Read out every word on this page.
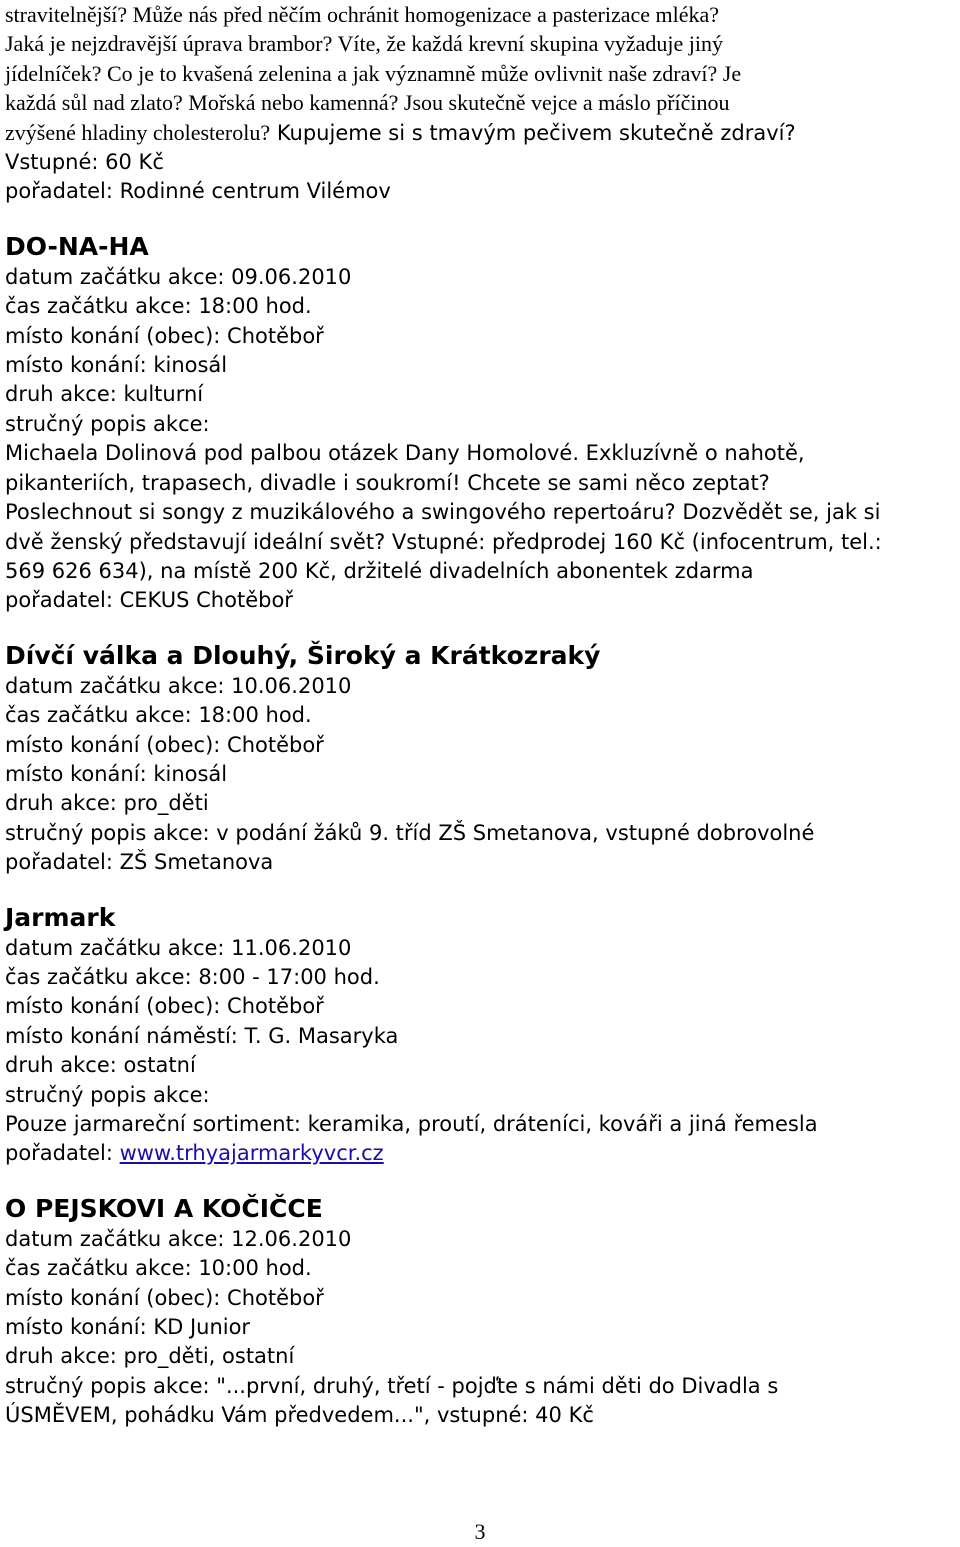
stravitelnější? Může nás před něčím ochránit homogenizace a pasterizace mléka?

Jaká je nejzdravější úprava brambor? Víte, že každá krevní skupina vyžaduje jiný

jídelníček? Co je to kvašená zelenina a jak významně může ovlivnit naše zdraví? Je

každá sůl nad zlato? Mořská nebo kamenná? Jsou skutečně vejce a máslo příčinou

zvýšené hladiny cholesterolu? Kupujeme si s tmavým pečivem skutečně zdraví?

Vstupné: 60 Kč

pořadatel: Rodinné centrum Vilémov

DO-NA-HA

datum začátku akce: 09.06.2010

čas začátku akce: 18:00 hod.

místo konání (obec): Chotěboř

místo konání: kinosál

druh akce: kulturní

stručný popis akce:

Michaela Dolinová pod palbou otázek Dany Homolové. Exkluzívně o nahotě,

pikanteriích, trapasech, divadle i soukromí! Chcete se sami něco zeptat?

Poslechnout si songy z muzikálového a swingového repertoáru? Dozvědět se, jak si

dvě ženský představují ideální svět? Vstupné: předprodej 160 Kč (infocentrum, tel.:

569 626 634), na místě 200 Kč, držitelé divadelních abonentek zdarma

pořadatel: CEKUS Chotěboř

Dívčí válka a Dlouhý, Široký a Krátkozraký

datum začátku akce: 10.06.2010

čas začátku akce: 18:00 hod.

místo konání (obec): Chotěboř

místo konání: kinosál

druh akce: pro_děti

stručný popis akce: v podání žáků 9. tříd ZŠ Smetanova, vstupné dobrovolné

pořadatel: ZŠ Smetanova

Jarmark

datum začátku akce: 11.06.2010

čas začátku akce: 8:00 - 17:00 hod.

místo konání (obec): Chotěboř

místo konání náměstí: T. G. Masaryka

druh akce: ostatní

stručný popis akce:

Pouze jarmareční sortiment: keramika, proutí, dráteníci, kováři a jiná řemesla

pořadatel: www.trhyajarmarkyvcr.cz

O PEJSKOVI A KOČIČCE

datum začátku akce: 12.06.2010

čas začátku akce: 10:00 hod.

místo konání (obec): Chotěboř

místo konání: KD Junior

druh akce: pro_děti, ostatní

stručný popis akce: "...první, druhý, třetí - pojďte s námi děti do Divadla s

ÚSMĚVEM, pohádku Vám předvedem...", vstupné: 40 Kč

3
